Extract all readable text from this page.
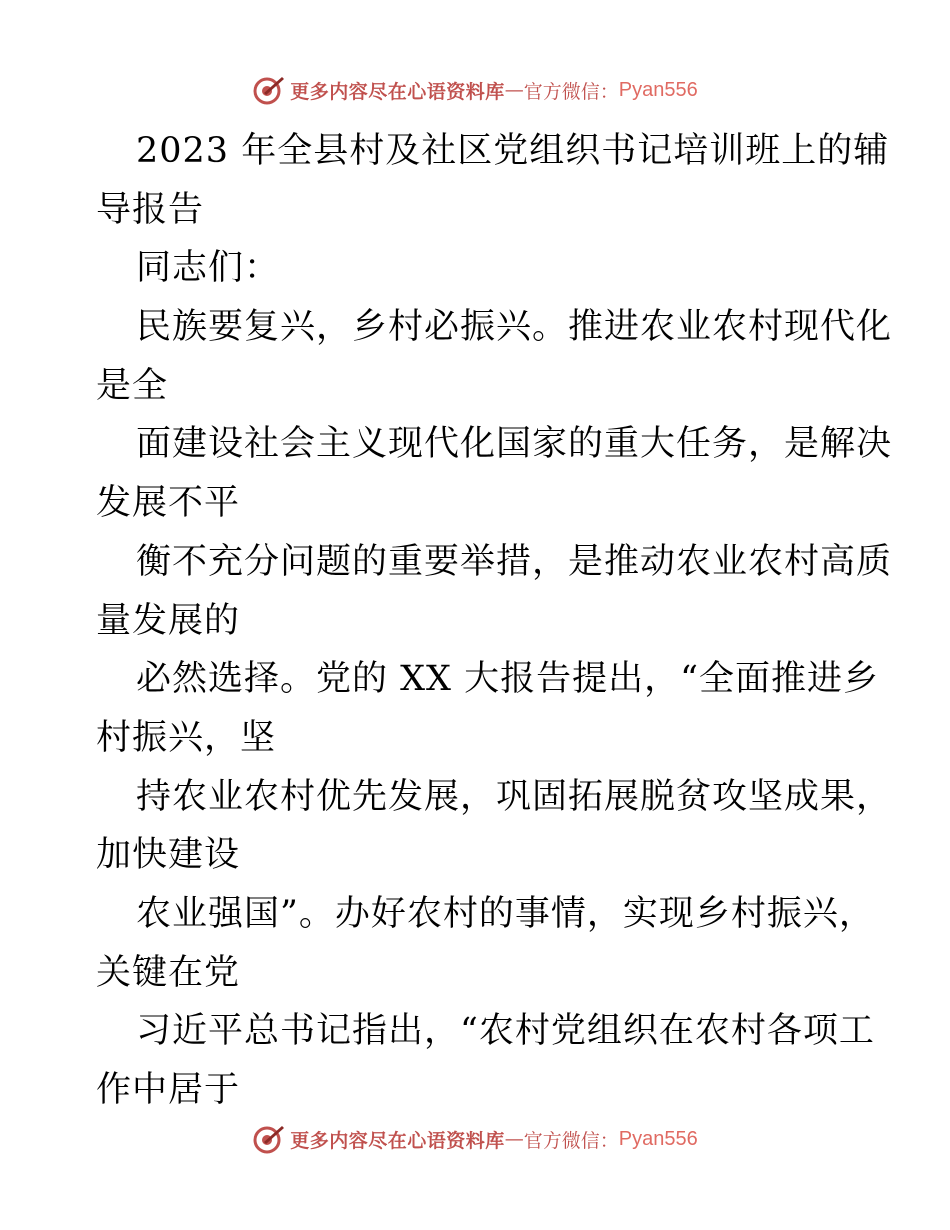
更多内容尽在心语资料库 — 官方微信： Pyan556
2023 年全县村及社区党组织书记培训班上的辅
导报告
同志们：
民族要复兴，乡村必振兴。推进农业农村现代化
是全
面建设社会主义现代化国家的重大任务，是解决
发展不平
衡不充分问题的重要举措，是推动农业农村高质
量发展的
必然选择。党的 XX 大报告提出，“全面推进乡
村振兴，坚
持农业农村优先发展，巩固拓展脱贫攻坚成果，
加快建设
农业强国”。办好农村的事情，实现乡村振兴，
关键在党
习近平总书记指出，“农村党组织在农村各项工
作中居于
更多内容尽在心语资料库 — 官方微信： Pyan556
